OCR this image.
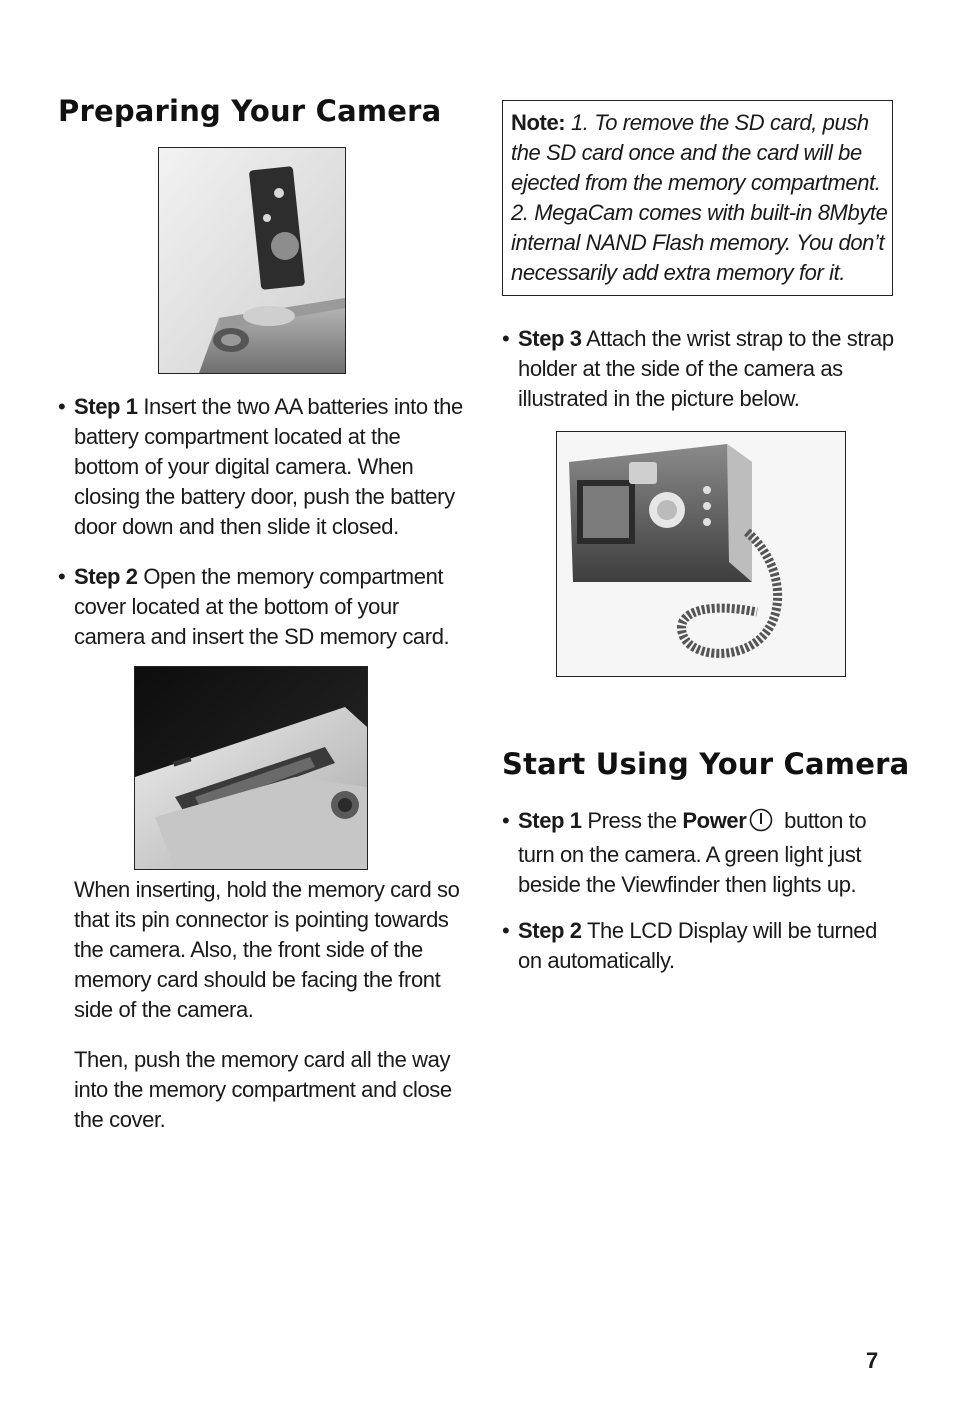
Preparing Your Camera
• Step 1 Insert the two AA batteries into the battery compartment located at the bottom of your digital camera. When closing the battery door, push the battery door down and then slide it closed.
• Step 2 Open the memory compartment cover located at the bottom of your camera and insert the SD memory card.
When inserting, hold the memory card so that its pin connector is pointing towards the camera. Also, the front side of the memory card should be facing the front side of the camera.
Then, push the memory card all the way into the memory compartment and close the cover.
Note: 1. To remove the SD card, push the SD card once and the card will be ejected from the memory compartment. 2. MegaCam comes with built-in 8Mbyte internal NAND Flash memory. You don’t necessarily add extra memory for it.
• Step 3 Attach the wrist strap to the strap holder at the side of the camera as illustrated in the picture below.
Start Using Your Camera
• Step 1 Press the Power button to turn on the camera. A green light just beside the Viewfinder then lights up.
• Step 2 The LCD Display will be turned on automatically.
7
